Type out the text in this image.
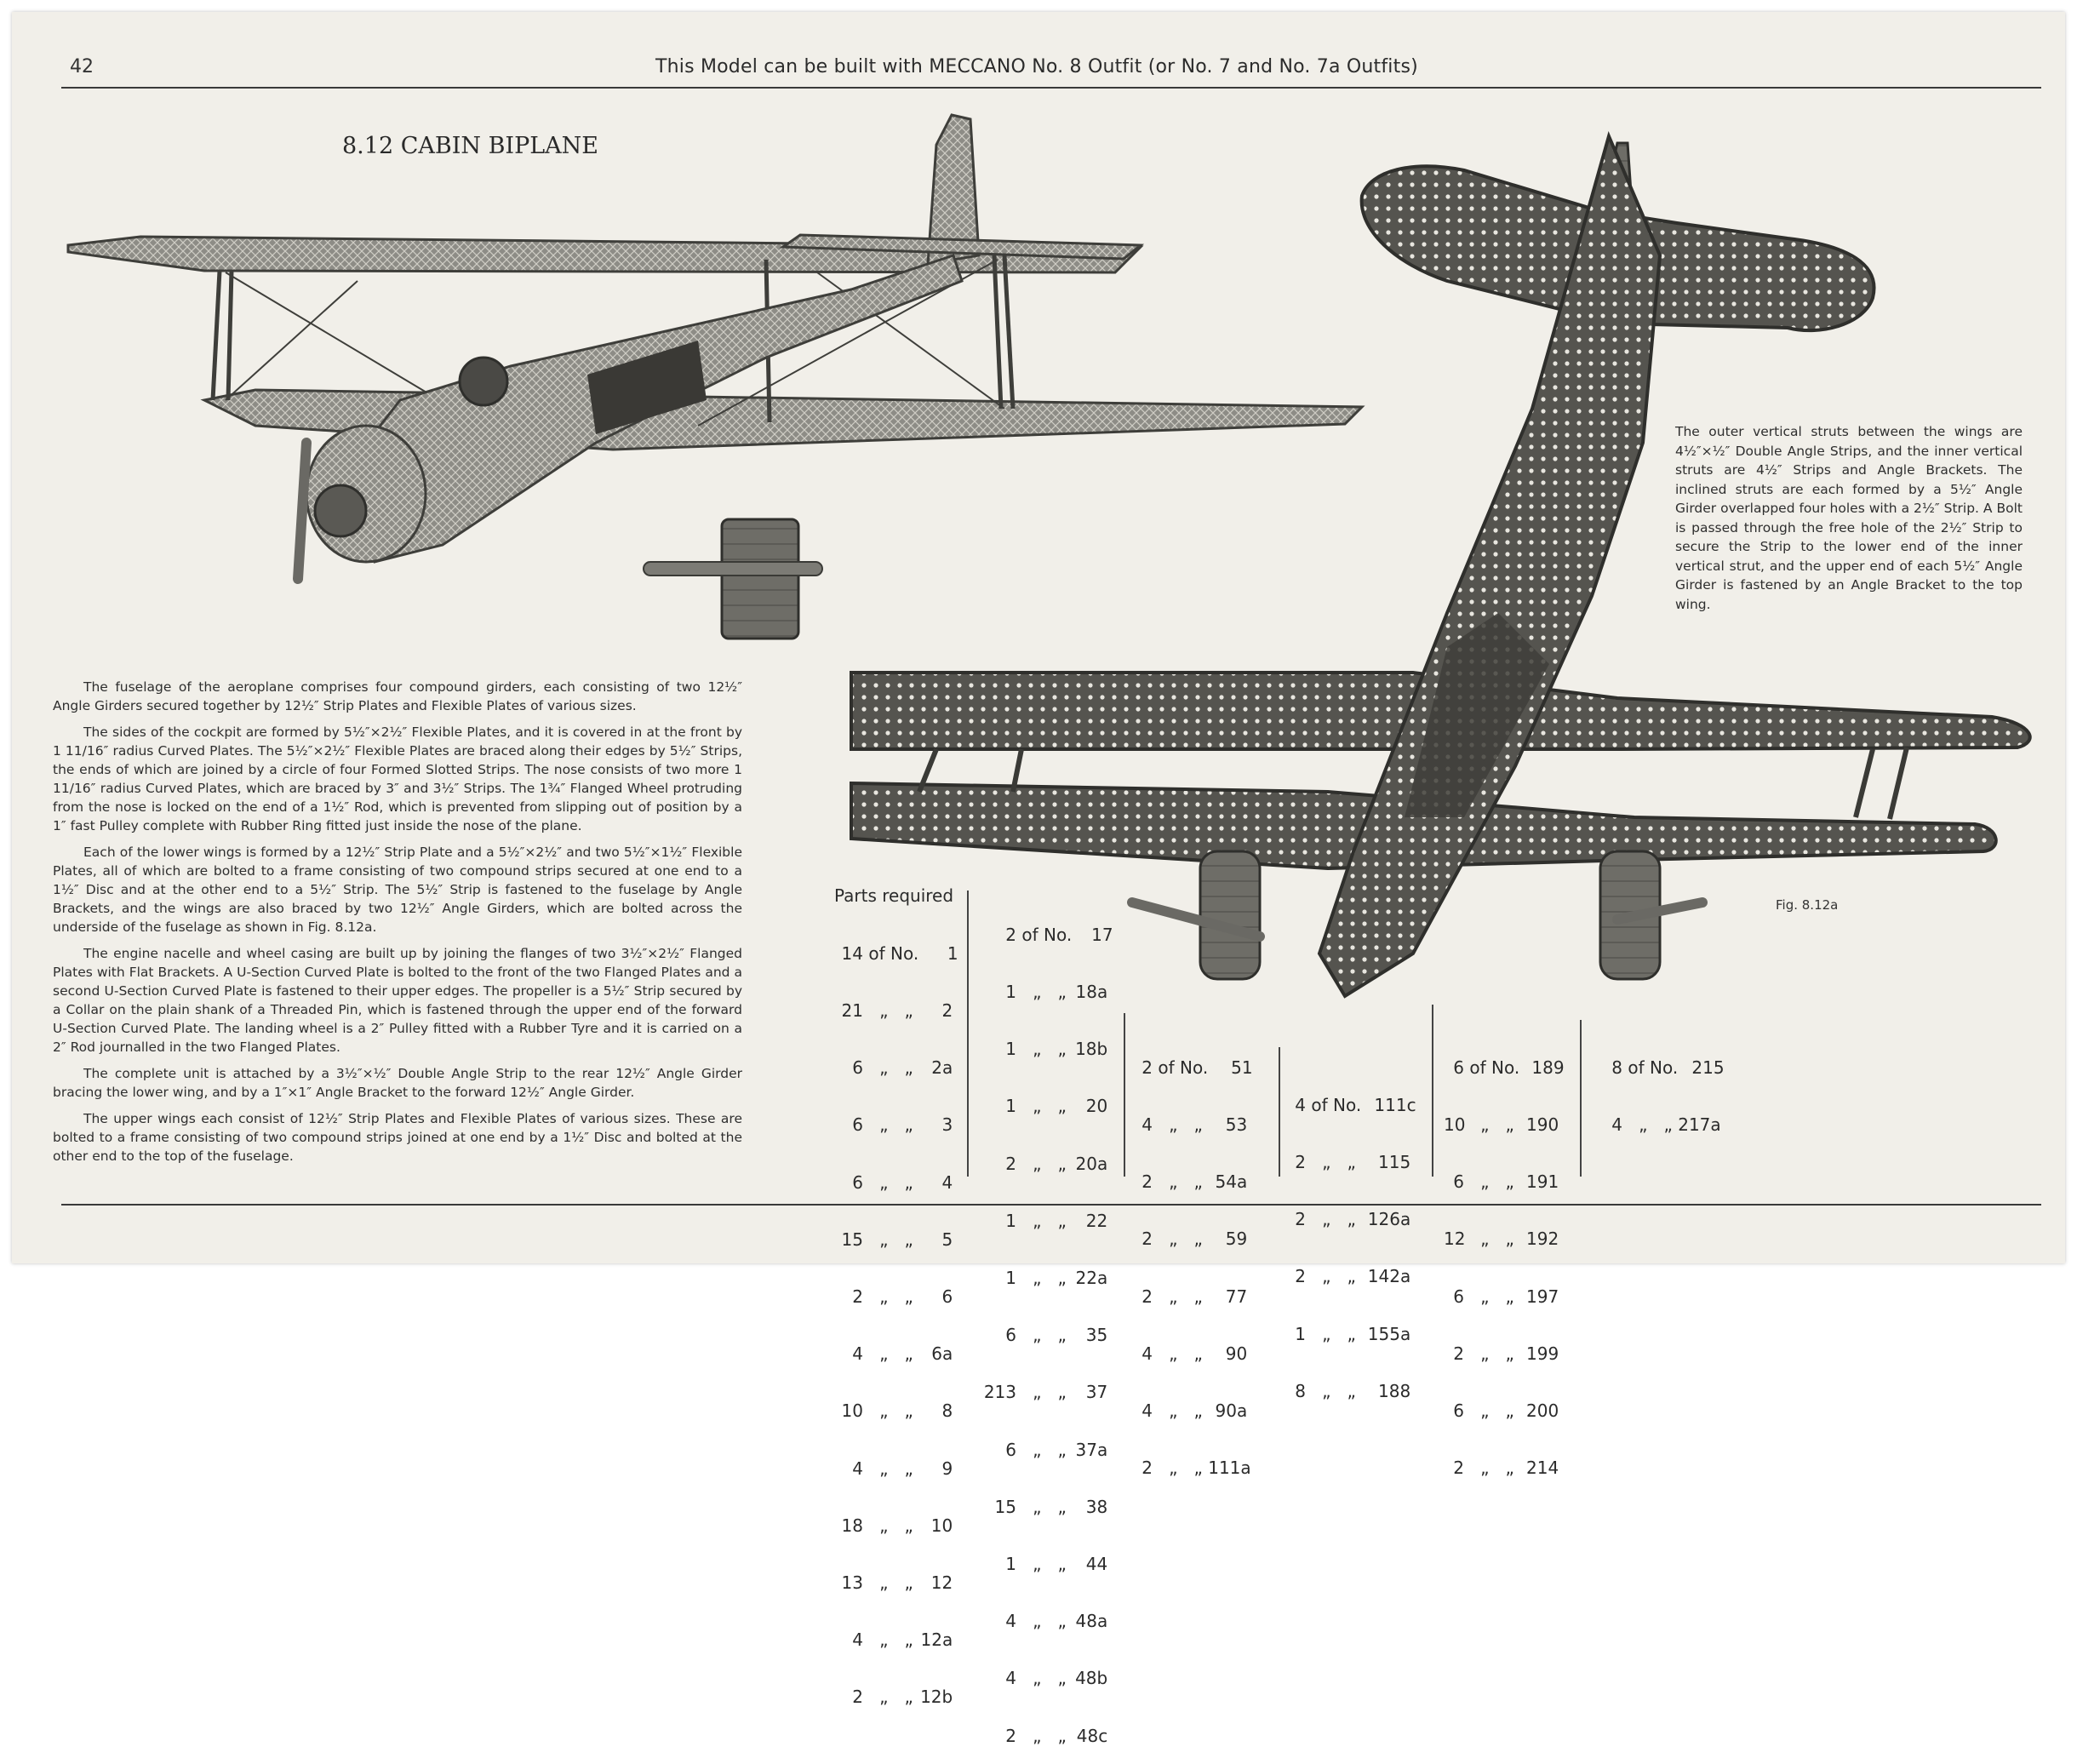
42	This Model can be built with MECCANO No. 8 Outfit (or No. 7 and No. 7a Outfits)
8.12 CABIN BIPLANE

The fuselage of the aeroplane comprises four compound girders, each consisting of two 12½″ Angle Girders secured together by 12½″ Strip Plates and Flexible Plates of various sizes.

The sides of the cockpit are formed by 5½″×2½″ Flexible Plates, and it is covered in at the front by 1 11/16″ radius Curved Plates. The 5½″×2½″ Flexible Plates are braced along their edges by 5½″ Strips, the ends of which are joined by a circle of four Formed Slotted Strips. The nose consists of two more 1 11/16″ radius Curved Plates, which are braced by 3″ and 3½″ Strips. The 1¾″ Flanged Wheel protruding from the nose is locked on the end of a 1½″ Rod, which is prevented from slipping out of position by a 1″ fast Pulley complete with Rubber Ring fitted just inside the nose of the plane.

Each of the lower wings is formed by a 12½″ Strip Plate and a 5½″×2½″ and two 5½″×1½″ Flexible Plates, all of which are bolted to a frame consisting of two compound strips secured at one end to a 1½″ Disc and at the other end to a 5½″ Strip. The 5½″ Strip is fastened to the fuselage by Angle Brackets, and the wings are also braced by two 12½″ Angle Girders, which are bolted across the underside of the fuselage as shown in Fig. 8.12a.

The engine nacelle and wheel casing are built up by joining the flanges of two 3½″×2½″ Flanged Plates with Flat Brackets. A U-Section Curved Plate is bolted to the front of the two Flanged Plates and a second U-Section Curved Plate is fastened to their upper edges. The propeller is a 5½″ Strip secured by a Collar on the plain shank of a Threaded Pin, which is fastened through the upper end of the forward U-Section Curved Plate. The landing wheel is a 2″ Pulley fitted with a Rubber Tyre and it is carried on a 2″ Rod journalled in the two Flanged Plates.

The complete unit is attached by a 3½″×½″ Double Angle Strip to the rear 12½″ Angle Girder bracing the lower wing, and by a 1″×1″ Angle Bracket to the forward 12½″ Angle Girder.

The upper wings each consist of 12½″ Strip Plates and Flexible Plates of various sizes. These are bolted to a frame consisting of two compound strips joined at one end by a 1½″ Disc and bolted at the other end to the top of the fuselage.

The outer vertical struts between the wings are 4½″×½″ Double Angle Strips, and the inner vertical struts are 4½″ Strips and Angle Brackets. The inclined struts are each formed by a 5½″ Angle Girder overlapped four holes with a 2½″ Strip. A Bolt is passed through the free hole of the 2½″ Strip to secure the Strip to the lower end of the inner vertical strut, and the upper end of each 5½″ Angle Girder is fastened by an Angle Bracket to the top wing.
Fig. 8.12a
Parts required

14 of No. 1

21   „   „ 2

6   „   „ 2a

6   „   „ 3

6   „   „ 4

15   „   „ 5

2   „   „ 6

4   „   „ 6a

10   „   „ 8

4   „   „ 9

18   „   „ 10

13   „   „ 12

4   „   „ 12a

2   „   „ 12b

2 of No. 17

1   „   „ 18a

1   „   „ 18b

1   „   „ 20

2   „   „ 20a

1   „   „ 22

1   „   „ 22a

6   „   „ 35

213   „   „ 37

6   „   „ 37a

15   „   „ 38

1   „   „ 44

4   „   „ 48a

4   „   „ 48b

2   „   „ 48c

2 of No. 51

4   „   „ 53

2   „   „ 54a

2   „   „ 59

2   „   „ 77

4   „   „ 90

4   „   „ 90a

2   „   „ 111a

4 of No. 111c

2   „   „ 115

2   „   „ 126a

2   „   „ 142a

1   „   „ 155a

8   „   „ 188

6 of No. 189

10   „   „ 190

6   „   „ 191

12   „   „ 192

6   „   „ 197

2   „   „ 199

6   „   „ 200

2   „   „ 214

8 of No. 215

4   „   „ 217a
